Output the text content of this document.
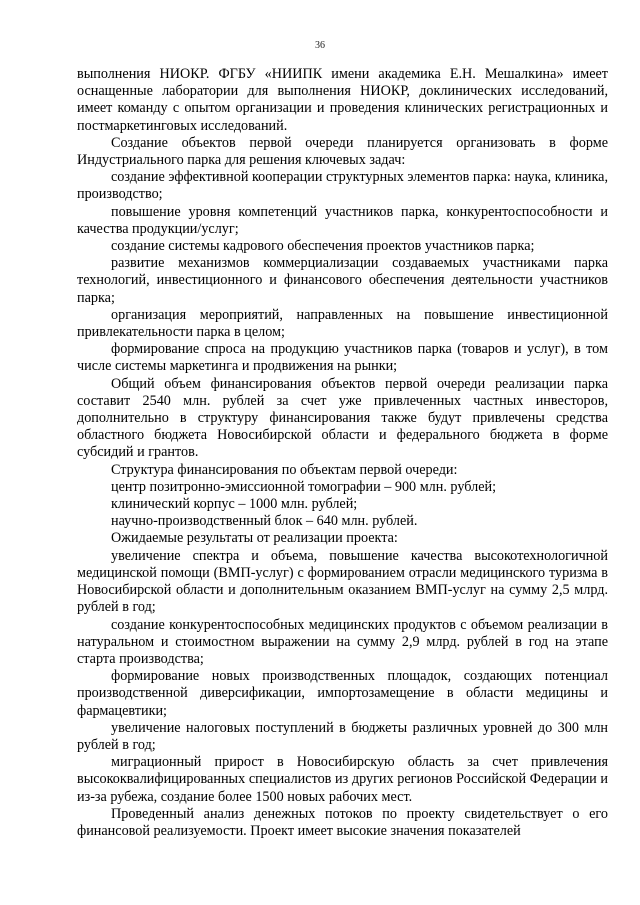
36

выполнения НИОКР. ФГБУ «НИИПК имени академика Е.Н. Мешалкина» имеет оснащенные лаборатории для выполнения НИОКР, доклинических исследований, имеет команду с опытом организации и проведения клинических регистрационных и постмаркетинговых исследований.

Создание объектов первой очереди планируется организовать в форме Индустриального парка для решения ключевых задач:

создание эффективной кооперации структурных элементов парка: наука, клиника, производство;

повышение уровня компетенций участников парка, конкурентоспособности и качества продукции/услуг;

создание системы кадрового обеспечения проектов участников парка;

развитие механизмов коммерциализации создаваемых участниками парка технологий, инвестиционного и финансового обеспечения деятельности участников парка;

организация мероприятий, направленных на повышение инвестиционной привлекательности парка в целом;

формирование спроса на продукцию участников парка (товаров и услуг), в том числе системы маркетинга и продвижения на рынки;

Общий объем финансирования объектов первой очереди реализации парка составит 2540 млн. рублей за счет уже привлеченных частных инвесторов, дополнительно в структуру финансирования также будут привлечены средства областного бюджета Новосибирской области и федерального бюджета в форме субсидий и грантов.

Структура финансирования по объектам первой очереди:

центр позитронно-эмиссионной томографии – 900 млн. рублей;

клинический корпус – 1000 млн. рублей;

научно-производственный блок – 640 млн. рублей.

Ожидаемые результаты от реализации проекта:

увеличение спектра и объема, повышение качества высокотехнологичной медицинской помощи (ВМП-услуг) с формированием отрасли медицинского туризма в Новосибирской области и дополнительным оказанием ВМП-услуг на сумму 2,5 млрд. рублей в год;

создание конкурентоспособных медицинских продуктов с объемом реализации в натуральном и стоимостном выражении на сумму 2,9 млрд. рублей в год на этапе старта производства;

формирование новых производственных площадок, создающих потенциал производственной диверсификации, импортозамещение в области медицины и фармацевтики;

увеличение налоговых поступлений в бюджеты различных уровней до 300 млн рублей в год;

миграционный прирост в Новосибирскую область за счет привлечения высококвалифицированных специалистов из других регионов Российской Федерации и из-за рубежа, создание более 1500 новых рабочих мест.

Проведенный анализ денежных потоков по проекту свидетельствует о его финансовой реализуемости. Проект имеет высокие значения показателей
